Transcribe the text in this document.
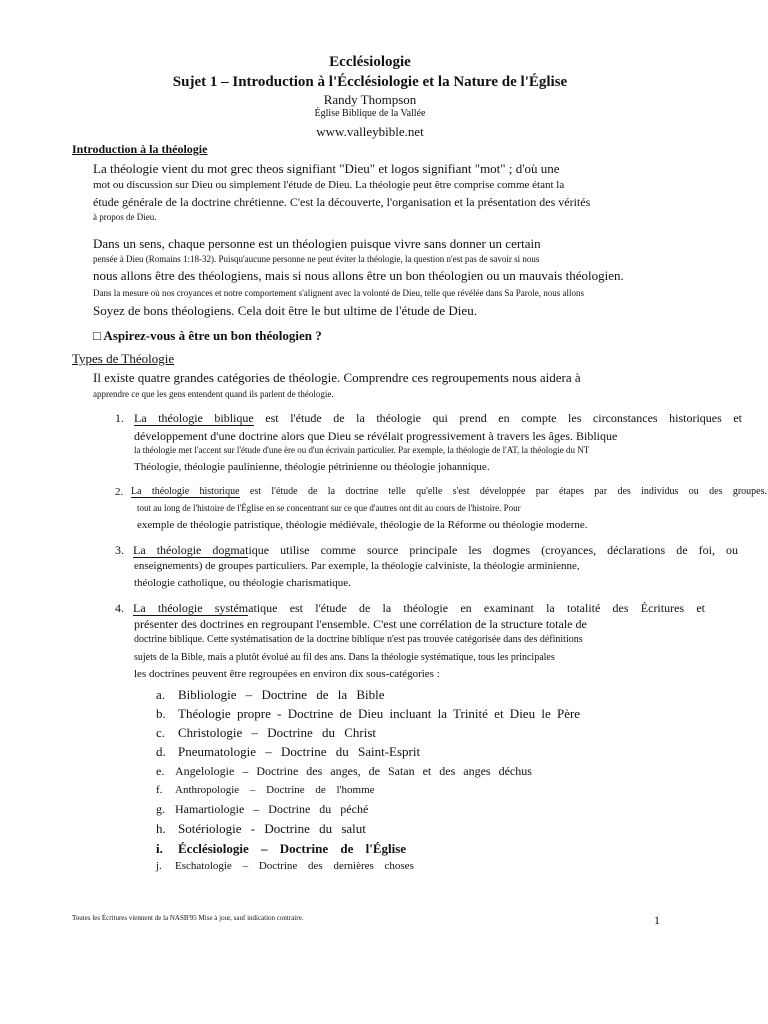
Ecclésiologie
Sujet 1 – Introduction à l'Écclésiologie et la Nature de l'Église
Randy Thompson
Église Biblique de la Vallée
www.valleybible.net
Introduction à la théologie
La théologie vient du mot grec theos signifiant "Dieu" et logos signifiant "mot" ; d'où une
mot ou discussion sur Dieu ou simplement l'étude de Dieu. La théologie peut être comprise comme étant la
étude générale de la doctrine chrétienne. C'est la découverte, l'organisation et la présentation des vérités
à propos de Dieu.
Dans un sens, chaque personne est un théologien puisque vivre sans donner un certain
pensée à Dieu (Romains 1:18-32). Puisqu'aucune personne ne peut éviter la théologie, la question n'est pas de savoir si nous
nous allons être des théologiens, mais si nous allons être un bon théologien ou un mauvais théologien.
Dans la mesure où nos croyances et notre comportement s'alignent avec la volonté de Dieu, telle que révélée dans Sa Parole, nous allons
Soyez de bons théologiens. Cela doit être le but ultime de l'étude de Dieu.
□ Aspirez-vous à être un bon théologien ?
Types de Théologie
Il existe quatre grandes catégories de théologie. Comprendre ces regroupements nous aidera à
apprendre ce que les gens entendent quand ils parlent de théologie.
1. La théologie biblique est l'étude de la théologie qui prend en compte les circonstances historiques et
développement d'une doctrine alors que Dieu se révélait progressivement à travers les âges. Biblique
la théologie met l'accent sur l'étude d'une ère ou d'un écrivain particulier. Par exemple, la théologie de l'AT, la théologie du NT
Théologie, théologie paulinienne, théologie pétrinienne ou théologie johannique.
2. La théologie historique est l'étude de la doctrine telle qu'elle s'est développée par étapes par des individus ou des groupes.
tout au long de l'histoire de l'Église en se concentrant sur ce que d'autres ont dit au cours de l'histoire. Pour
exemple de théologie patristique, théologie médiévale, théologie de la Réforme ou théologie moderne.
3. La théologie dogmatique utilise comme source principale les dogmes (croyances, déclarations de foi, ou
enseignements) de groupes particuliers. Par exemple, la théologie calviniste, la théologie arminienne,
théologie catholique, ou théologie charismatique.
4. La théologie systématique est l'étude de la théologie en examinant la totalité des Écritures et
présenter des doctrines en regroupant l'ensemble. C'est une corrélation de la structure totale de
doctrine biblique. Cette systématisation de la doctrine biblique n'est pas trouvée catégorisée dans des définitions
sujets de la Bible, mais a plutôt évolué au fil des ans. Dans la théologie systématique, tous les principales
les doctrines peuvent être regroupées en environ dix sous-catégories :
a. Bibliologie – Doctrine de la Bible
b. Théologie propre - Doctrine de Dieu incluant la Trinité et Dieu le Père
c. Christologie – Doctrine du Christ
d. Pneumatologie – Doctrine du Saint-Esprit
e. Angelologie – Doctrine des anges, de Satan et des anges déchus
f. Anthropologie – Doctrine de l'homme
g. Hamartiologie – Doctrine du péché
h. Sotériologie - Doctrine du salut
i. Écclésiologie – Doctrine de l'Église
j. Eschatologie – Doctrine des dernières choses
Toutes les Écritures viennent de la NASB'95 Mise à jour, sauf indication contraire.	1
